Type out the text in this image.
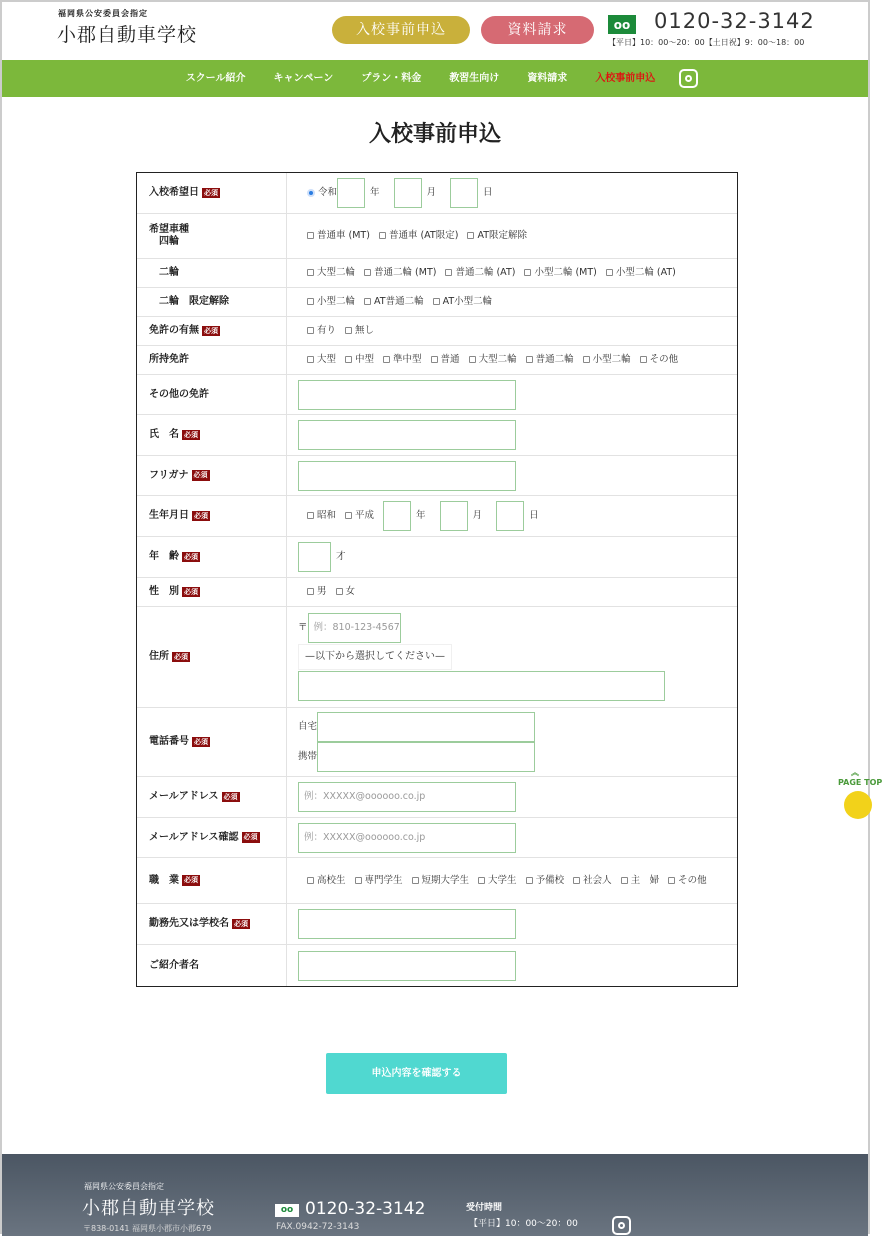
福岡県公安委員会指定
小郡自動車学校	入校事前申込	資料請求	oo 0120-32-3142
【平日】10：00〜20：00【土日祝】9：00〜18：00
スクール紹介	キャンペーン	プラン・料金	教習生向け	資料請求	入校事前申込
入校事前申込
入校希望日 必須	令和	年	月	日
希望車種
　四輪
普通車 (MT) 普通車 (AT限定) AT限定解除
　二輪	大型二輪 普通二輪 (MT) 普通二輪 (AT) 小型二輪 (MT) 小型二輪 (AT)
　二輪　限定解除	小型二輪 AT普通二輪 AT小型二輪
免許の有無 必須	有り 無し
所持免許	大型 中型 準中型 普通 大型二輪 普通二輪 小型二輪 その他
その他の免許
氏　名 必須
フリガナ 必須
生年月日 必須	昭和 平成	年	月	日
年　齢 必須	才
性　別 必須	男 女
住所 必須
〒 例：810-123-4567
—以下から選択してください—
電話番号 必須
自宅
携帯
メールアドレス 必須	例：XXXXX@oooooo.co.jp
メールアドレス確認 必須	例：XXXXX@oooooo.co.jp
職　業 必須	高校生 専門学生 短期大学生 大学生 予備校 社会人 主　婦 その他
勤務先又は学校名 必須
ご紹介者名
申込内容を確認する
︽
PAGE TOP
福岡県公安委員会指定
小郡自動車学校
〒838-0141 福岡県小郡市小郡679
oo 0120-32-3142
FAX.0942-72-3143
受付時間
【平日】10：00〜20：00
